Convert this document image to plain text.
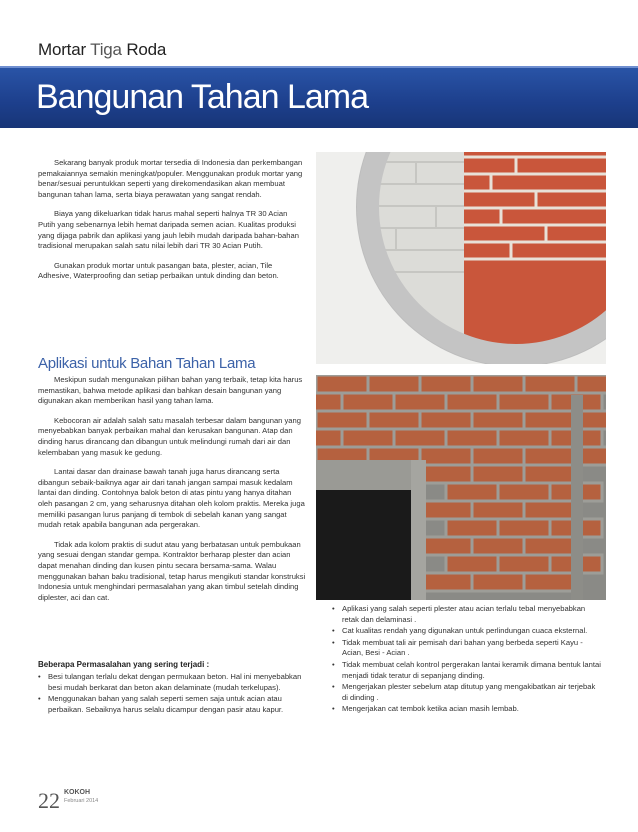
Mortar Tiga Roda
Bangunan Tahan Lama

Sekarang banyak produk mortar tersedia di Indonesia dan perkembangan pemakaiannya semakin meningkat/populer. Menggunakan produk mortar yang benar/sesuai peruntukkan seperti yang direkomendasikan akan membuat bangunan tahan lama, serta biaya perawatan yang sangat rendah.

Biaya yang dikeluarkan tidak harus mahal seperti halnya TR 30 Acian Putih yang sebenarnya lebih hemat daripada semen acian. Kualitas produksi yang dijaga pabrik dan aplikasi yang jauh lebih mudah daripada bahan-bahan tradisional merupakan salah satu nilai lebih dari TR 30 Acian Putih.

Gunakan produk mortar untuk pasangan bata, plester, acian, Tile Adhesive, Waterproofing dan setiap perbaikan untuk dinding dan beton.

Aplikasi untuk Bahan Tahan Lama

Meskipun sudah mengunakan pilihan bahan yang terbaik, tetap kita harus memastikan, bahwa metode aplikasi dan bahkan desain bangunan yang digunakan akan memberikan hasil yang tahan lama.

Kebocoran air adalah salah satu masalah terbesar dalam bangunan yang menyebabkan banyak perbaikan mahal dan kerusakan bangunan. Atap dan dinding harus dirancang dan dibangun untuk melindungi rumah dari air dan kelembaban yang masuk ke gedung.

Lantai dasar dan drainase bawah tanah juga harus dirancang serta dibangun sebaik-baiknya agar air dari tanah jangan sampai masuk kedalam lantai dan dinding. Contohnya balok beton di atas pintu yang hanya ditahan oleh pasangan 2 cm, yang seharusnya ditahan oleh kolom praktis. Mereka juga memiliki pasangan lurus panjang di tembok di sebelah kanan yang sangat mudah retak apabila bangunan ada pergerakan.

Tidak ada kolom praktis di sudut atau yang berbatasan untuk pembukaan yang sesuai dengan standar gempa. Kontraktor berharap plester dan acian dapat menahan dinding dan kusen pintu secara bersama-sama. Walau menggunakan bahan baku tradisional, tetap harus mengikuti standar konstruksi Indonesia untuk menghindari permasalahan yang akan timbul setelah dinding diplester, aci dan cat.

Beberapa Permasalahan yang sering terjadi :
• Besi tulangan terlalu dekat dengan permukaan beton. Hal ini menyebabkan besi mudah berkarat dan beton akan delaminate (mudah terkelupas).
• Menggunakan bahan yang salah seperti semen saja untuk acian atau perbaikan. Sebaiknya harus selalu dicampur dengan pasir atau kapur.
• Aplikasi yang salah seperti plester atau acian terlalu tebal menyebabkan retak dan delaminasi .
• Cat kualitas rendah yang digunakan untuk perlindungan cuaca eksternal.
• Tidak membuat tali air pemisah dari bahan yang berbeda seperti Kayu - Acian, Besi - Acian .
• Tidak membuat celah kontrol pergerakan lantai keramik dimana bentuk lantai menjadi tidak teratur di sepanjang dinding.
• Mengerjakan plester sebelum atap ditutup yang mengakibatkan air terjebak di dinding .
• Mengerjakan cat tembok ketika acian masih lembab.
22 KOKOH
Februari 2014
